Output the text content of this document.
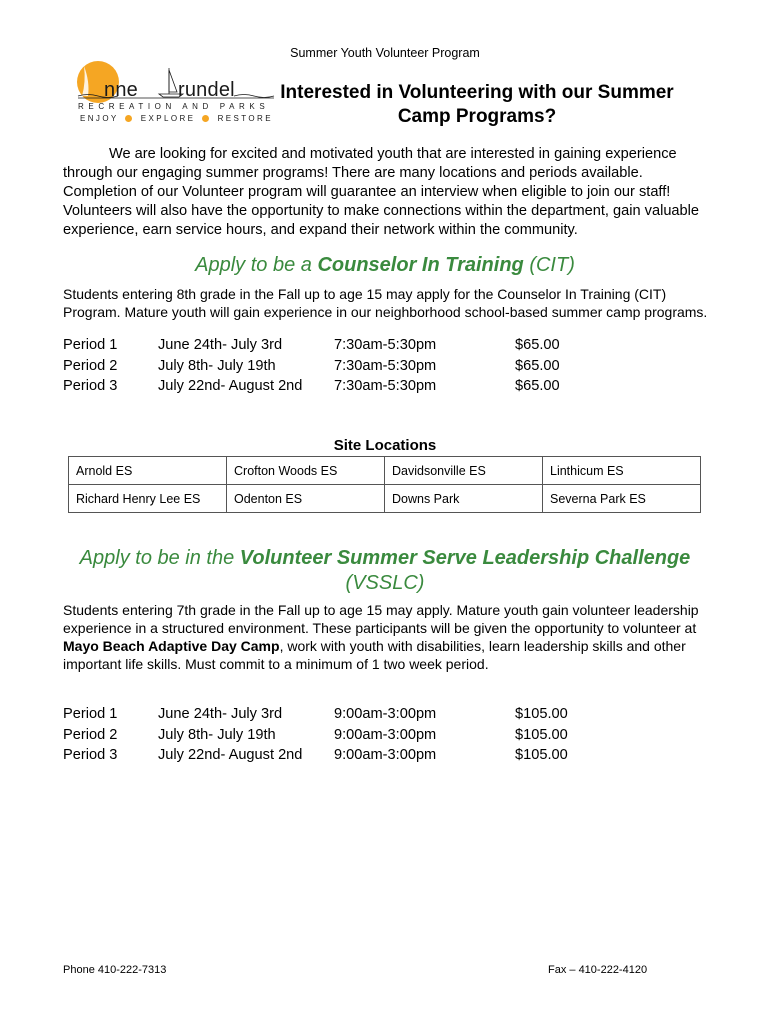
Summer Youth Volunteer Program
nne rundel
RECREATION AND PARKS
ENJOY	EXPLORE	RESTORE
Interested in Volunteering with our Summer
Camp Programs?
We are looking for excited and motivated youth that are interested in gaining experience through our engaging summer programs! There are many locations and periods available. Completion of our Volunteer program will guarantee an interview when eligible to join our staff! Volunteers will also have the opportunity to make connections within the department, gain valuable experience, earn service hours, and expand their network within the community.
Apply to be a Counselor In Training (CIT)
Students entering 8th grade in the Fall up to age 15 may apply for the Counselor In Training (CIT) Program. Mature youth will gain experience in our neighborhood school-based summer camp programs.
Period 1	June 24th- July 3rd	7:30am-5:30pm	$65.00
Period 2	July 8th- July 19th	7:30am-5:30pm	$65.00
Period 3	July 22nd- August 2nd 7:30am-5:30pm	$65.00
Site Locations
Arnold ES	Crofton Woods ES	Davidsonville ES	Linthicum ES
Richard Henry Lee ES	Odenton ES	Downs Park	Severna Park ES
Apply to be in the Volunteer Summer Serve Leadership Challenge
(VSSLC)
Students entering 7th grade in the Fall up to age 15 may apply. Mature youth gain volunteer leadership experience in a structured environment. These participants will be given the opportunity to volunteer at Mayo Beach Adaptive Day Camp, work with youth with disabilities, learn leadership skills and other important life skills. Must commit to a minimum of 1 two week period.
Period 1	June 24th- July 3rd	9:00am-3:00pm	$105.00
Period 2	July 8th- July 19th	9:00am-3:00pm	$105.00
Period 3	July 22nd- August 2nd 9:00am-3:00pm	$105.00
Phone 410-222-7313	Fax – 410-222-4120
